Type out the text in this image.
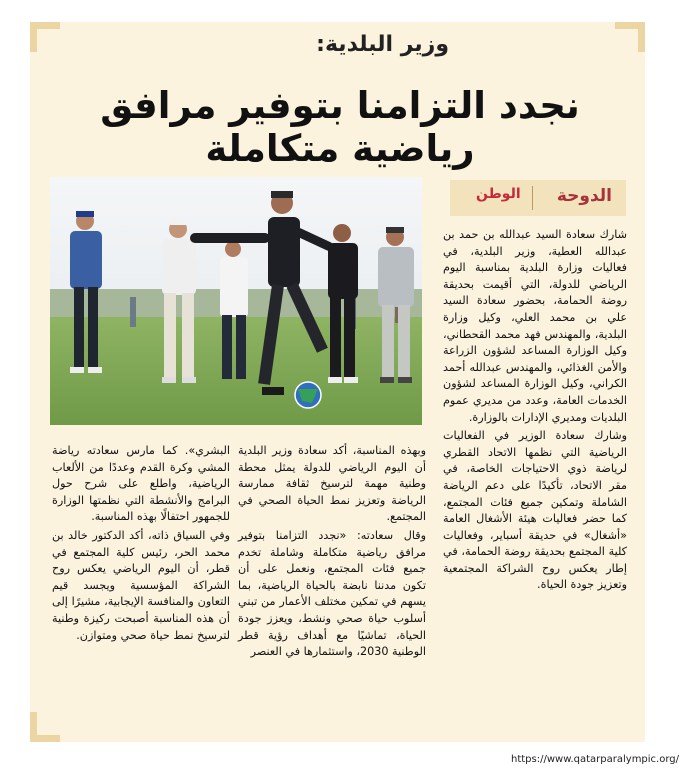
وزير البلدية:
نجدد التزامنا بتوفير مرافق رياضية متكاملة
الدوحة
الوطن

شارك سعادة السيد عبدالله بن حمد بن عبدالله العطية، وزير البلدية، في فعاليات وزارة البلدية بمناسبة اليوم الرياضي للدولة، التي أقيمت بحديقة روضة الحمامة، بحضور سعادة السيد علي بن محمد العلي، وكيل وزارة البلدية، والمهندس فهد محمد القحطاني، وكيل الوزارة المساعد لشؤون الزراعة والأمن الغذائي، والمهندس عبدالله أحمد الكراني، وكيل الوزارة المساعد لشؤون الخدمات العامة، وعدد من مديري عموم البلديات ومديري الإدارات بالوزارة.

وشارك سعادة الوزير في الفعاليات الرياضية التي نظمها الاتحاد القطري لرياضة ذوي الاحتياجات الخاصة، في مقر الاتحاد، تأكيدًا على دعم الرياضة الشاملة وتمكين جميع فئات المجتمع، كما حضر فعاليات هيئة الأشغال العامة «أشغال» في حديقة أسباير، وفعاليات كلية المجتمع بحديقة روضة الحمامة، في إطار يعكس روح الشراكة المجتمعية وتعزيز جودة الحياة.

وبهذه المناسبة، أكد سعادة وزير البلدية أن اليوم الرياضي للدولة يمثل محطة وطنية مهمة لترسيخ ثقافة ممارسة الرياضة وتعزيز نمط الحياة الصحي في المجتمع.

وقال سعادته: «نجدد التزامنا بتوفير مرافق رياضية متكاملة وشاملة تخدم جميع فئات المجتمع، ونعمل على أن تكون مدننا نابضة بالحياة الرياضية، بما يسهم في تمكين مختلف الأعمار من تبني أسلوب حياة صحي ونشط، ويعزز جودة الحياة، تماشيًا مع أهداف رؤية قطر الوطنية 2030، واستثمارها في العنصر

البشري». كما مارس سعادته رياضة المشي وكرة القدم وعددًا من الألعاب الرياضية، واطلع على شرح حول البرامج والأنشطة التي نظمتها الوزارة للجمهور احتفالًا بهذه المناسبة.

وفي السياق ذاته، أكد الدكتور خالد بن محمد الحر، رئيس كلية المجتمع في قطر، أن اليوم الرياضي يعكس روح الشراكة المؤسسية ويجسد قيم التعاون والمنافسة الإيجابية، مشيرًا إلى أن هذه المناسبة أصبحت ركيزة وطنية لترسيخ نمط حياة صحي ومتوازن.

https://www.qatarparalympic.org/
